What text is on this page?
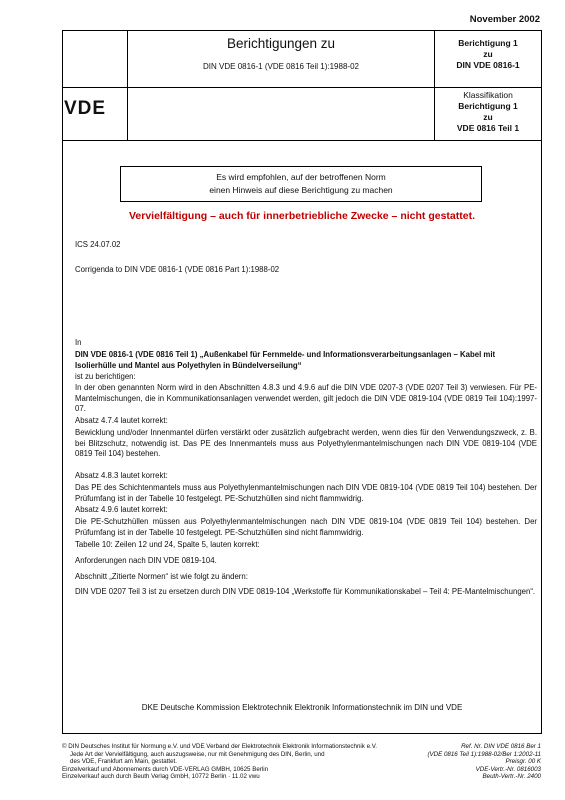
November 2002
Berichtigungen zu
DIN VDE 0816-1 (VDE 0816 Teil 1):1988-02
VDE
Berichtigung 1
zu
DIN VDE 0816-1
Klassifikation
Berichtigung 1
zu
VDE 0816 Teil 1
Es wird empfohlen, auf der betroffenen Norm
einen Hinweis auf diese Berichtigung zu machen
Vervielfältigung – auch für innerbetriebliche Zwecke – nicht gestattet.
ICS 24.07.02
Corrigenda to DIN VDE 0816-1 (VDE 0816 Part 1):1988-02
In
DIN VDE 0816-1 (VDE 0816 Teil 1) „Außenkabel für Fernmelde- und Informationsverarbeitungsanlagen – Kabel mit Isolierhülle und Mantel aus Polyethylen in Bündelverseilung“
ist zu berichtigen:
In der oben genannten Norm wird in den Abschnitten 4.8.3 und 4.9.6 auf die DIN VDE 0207-3 (VDE 0207 Teil 3) verwiesen. Für PE-Mantelmischungen, die in Kommunikationsanlagen verwendet werden, gilt jedoch die DIN VDE 0819-104 (VDE 0819 Teil 104):1997-07.
Absatz 4.7.4 lautet korrekt:
Bewicklung und/oder Innenmantel dürfen verstärkt oder zusätzlich aufgebracht werden, wenn dies für den Verwendungszweck, z. B. bei Blitzschutz, notwendig ist. Das PE des Innenmantels muss aus Polyethylenmantelmischungen nach DIN VDE 0819-104 (VDE 0819 Teil 104) bestehen.
Absatz 4.8.3 lautet korrekt:
Das PE des Schichtenmantels muss aus Polyethylenmantelmischungen nach DIN VDE 0819-104 (VDE 0819 Teil 104) bestehen. Der Prüfumfang ist in der Tabelle 10 festgelegt. PE-Schutzhüllen sind nicht flammwidrig.
Absatz 4.9.6 lautet korrekt:
Die PE-Schutzhüllen müssen aus Polyethylenmantelmischungen nach DIN VDE 0819-104 (VDE 0819 Teil 104) bestehen. Der Prüfumfang ist in der Tabelle 10 festgelegt. PE-Schutzhüllen sind nicht flammwidrig.
Tabelle 10: Zeilen 12 und 24, Spalte 5, lauten korrekt:
Anforderungen nach DIN VDE 0819-104.
Abschnitt „Zitierte Normen“ ist wie folgt zu ändern:
DIN VDE 0207 Teil 3 ist zu ersetzen durch DIN VDE 0819-104 „Werkstoffe für Kommunikationskabel – Teil 4: PE-Mantelmischungen“.
DKE Deutsche Kommission Elektrotechnik Elektronik Informationstechnik im DIN und VDE
© DIN Deutsches Institut für Normung e.V. und VDE Verband der Elektrotechnik Elektronik Informationstechnik e.V.
Jede Art der Vervielfältigung, auch auszugsweise, nur mit Genehmigung des DIN, Berlin, und
des VDE, Frankfurt am Main, gestattet.
Einzelverkauf und Abonnements durch VDE-VERLAG GMBH, 10625 Berlin
Einzelverkauf auch durch Beuth Verlag GmbH, 10772 Berlin · 11.02 vwu
Ref. Nr. DIN VDE 0816 Ber 1
(VDE 0816 Teil 1):1988-02/Ber 1:2002-11
Preisgr. 00 K
VDE-Vertr.-Nr. 0816003
Beuth-Vertr.-Nr. 2400
